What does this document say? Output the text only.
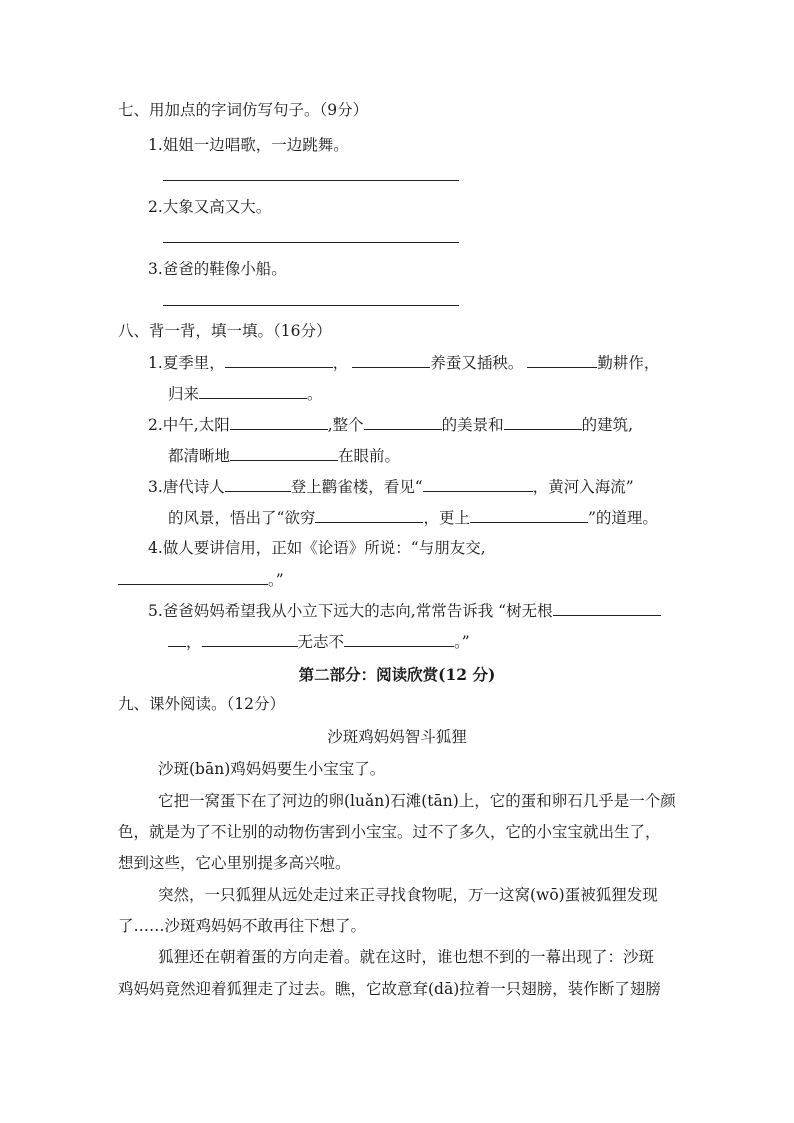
七、用加点的字词仿写句子。（9分）
1.姐姐一边唱歌，一边跳舞。
2.大象又高又大。
3.爸爸的鞋像小船。
八、背一背，填一填。（16分）
1.夏季里，	，	养蚕又插秧。	勤耕作，
归来	。
2.中午,太阳	,整个	的美景和	的建筑,
都清晰地	在眼前。
3.唐代诗人	登上鹳雀楼，看见“	，黄河入海流”
的风景，悟出了“欲穷	，更上	”的道理。
4.做人要讲信用，正如《论语》所说：“与朋友交,
。”
5.爸爸妈妈希望我从小立下远大的志向,常常告诉我 “树无根
，	无志不	。”
第二部分：阅读欣赏(12 分)
九、课外阅读。（12分）
沙斑鸡妈妈智斗狐狸
沙斑(bān)鸡妈妈要生小宝宝了。
它把一窝蛋下在了河边的卵(luǎn)石滩(tān)上，它的蛋和卵石几乎是一个颜
色，就是为了不让别的动物伤害到小宝宝。过不了多久，它的小宝宝就出生了，
想到这些，它心里别提多高兴啦。
突然，一只狐狸从远处走过来正寻找食物呢，万一这窝(wō)蛋被狐狸发现
了……沙斑鸡妈妈不敢再往下想了。
狐狸还在朝着蛋的方向走着。就在这时，谁也想不到的一幕出现了：沙斑
鸡妈妈竟然迎着狐狸走了过去。瞧，它故意耷(dā)拉着一只翅膀，装作断了翅膀
